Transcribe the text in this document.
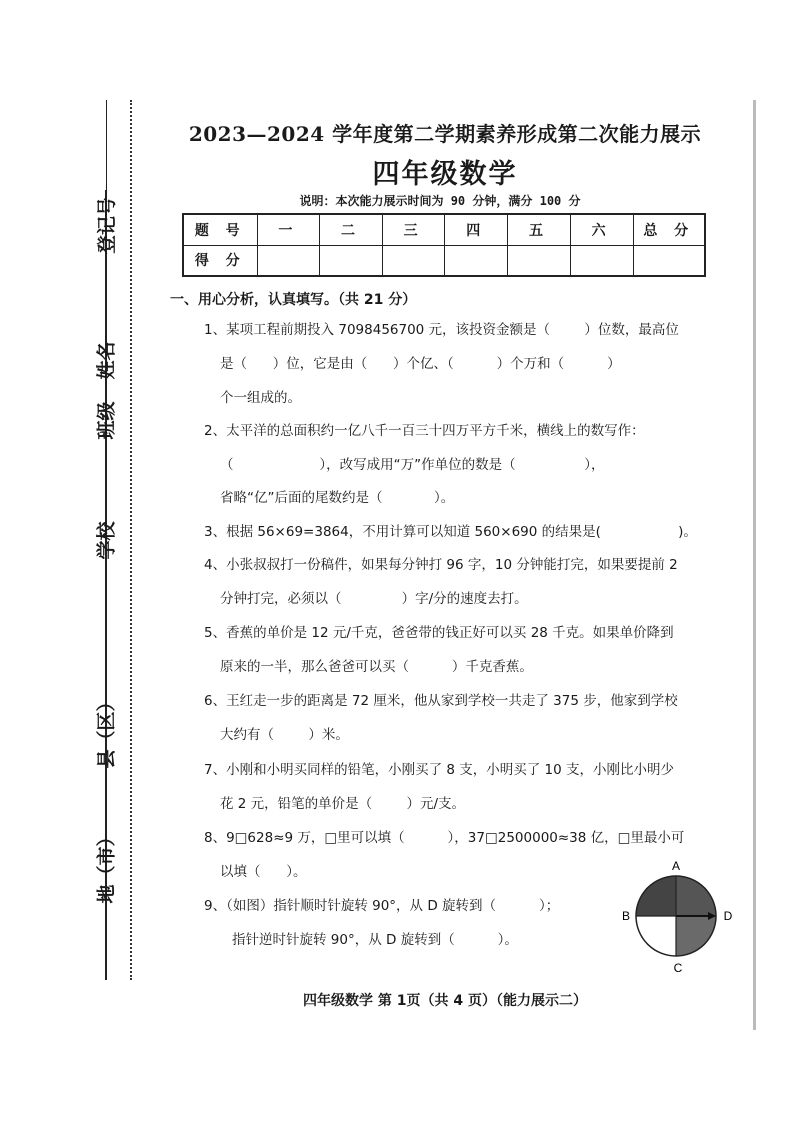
登记号
姓名
班级
学校
县（区）
地（市）
2023—2024 学年度第二学期素养形成第二次能力展示
四年级数学
说明：本次能力展示时间为 90 分钟，满分 100 分
题 号	一	二	三	四	五	六	总 分
得 分							
一、用心分析，认真填写。（共 21 分）
1、某项工程前期投入 7098456700 元，该投资金额是（        ）位数，最高位
是（      ）位，它是由（      ）个亿、（          ）个万和（          ）
个一组成的。
2、太平洋的总面积约一亿八千一百三十四万平方千米，横线上的数写作：
（                    ），改写成用“万”作单位的数是（                ），
省略“亿”后面的尾数约是（            ）。
3、根据 56×69=3864，不用计算可以知道 560×690 的结果是(                  )。
4、小张叔叔打一份稿件，如果每分钟打 96 字，10 分钟能打完，如果要提前 2
分钟打完，必须以（              ）字/分的速度去打。
5、香蕉的单价是 12 元/千克，爸爸带的钱正好可以买 28 千克。如果单价降到
原来的一半，那么爸爸可以买（          ）千克香蕉。
6、王红走一步的距离是 72 厘米，他从家到学校一共走了 375 步，他家到学校
大约有（        ）米。
7、小刚和小明买同样的铅笔，小刚买了 8 支，小明买了 10 支，小刚比小明少
花 2 元，铅笔的单价是（        ）元/支。
8、9□628≈9 万，□里可以填（          ），37□2500000≈38 亿，□里最小可
以填（      ）。
9、（如图）指针顺时针旋转 90°，从 D 旋转到（          ）；
指针逆时针旋转 90°，从 D 旋转到（          ）。
A
B
C
D
四年级数学 第 1页（共 4 页）（能力展示二）
